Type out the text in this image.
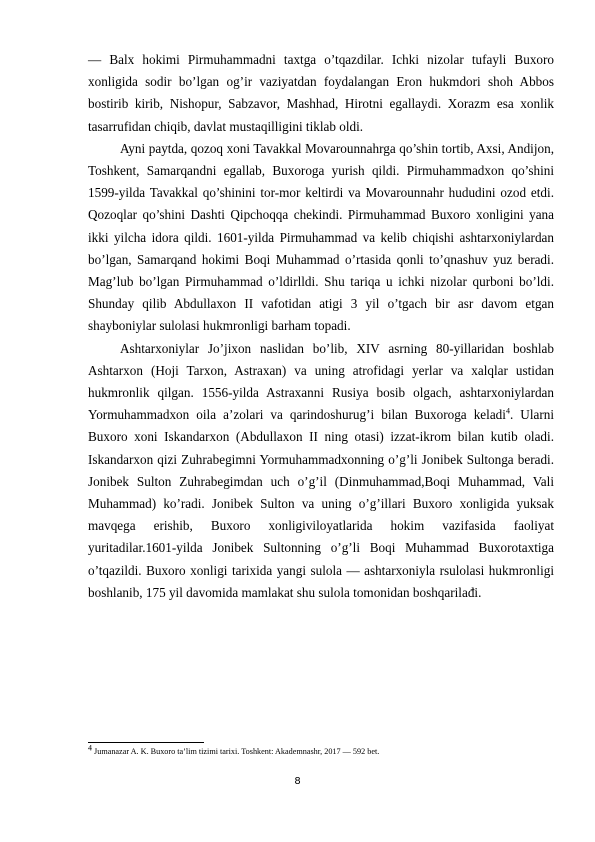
— Balx hokimi Pirmuhammadni taxtga o’tqazdilar. Ichki nizolar tufayli Buxoro xonligida sodir bo’lgan og’ir vaziyatdan foydalangan Eron hukmdori shoh Abbos bostirib kirib, Nishopur, Sabzavor, Mashhad, Hirotni egallaydi. Xorazm esa xonlik tasarrufidan chiqib, davlat mustaqilligini tiklab oldi.

Ayni paytda, qozoq xoni Tavakkal Movarounnahrga qo’shin tortib, Axsi, Andijon, Toshkent, Samarqandni egallab, Buxoroga yurish qildi. Pirmuhammadxon qo’shini 1599-yilda Tavakkal qo’shinini tor-mor keltirdi va Movarounnahr hududini ozod etdi. Qozoqlar qo’shini Dashti Qipchoqqa chekindi. Pirmuhammad Buxoro xonligini yana ikki yilcha idora qildi. 1601-yilda Pirmuhammad va kelib chiqishi ashtarxoniylardan bo’lgan, Samarqand hokimi Boqi Muhammad o’rtasida qonli to’qnashuv yuz beradi. Mag’lub bo’lgan Pirmuhammad o’ldirlldi. Shu tariqa u ichki nizolar qurboni bo’ldi. Shunday qilib Abdullaxon II vafotidan atigi 3 yil o’tgach bir asr davom etgan shayboniylar sulolasi hukmronligi barham topadi.

Ashtarxoniylar Jo’jixon naslidan bo’lib, XIV asrning 80-yillaridan boshlab Ashtarxon (Hoji Tarxon, Astraxan) va uning atrofidagi yerlar va xalqlar ustidan hukmronlik qilgan. 1556-yilda Astraxanni Rusiya bosib olgach, ashtarxoniylardan Yormuhammadxon oila a’zolari va qarindoshurug’i bilan Buxoroga keladi$^4$. Ularni Buxoro xoni Iskandarxon (Abdullaxon II ning otasi) izzat-ikrom bilan kutib oladi. Iskandarxon qizi Zuhrabegimni Yormuhammadxonning o’g’li Jonibek Sultonga beradi. Jonibek Sulton Zuhrabegimdan uch o’g’il (Dinmuhammad,Boqi Muhammad, Vali Muhammad) ko’radi. Jonibek Sulton va uning o’g’illari Buxoro xonligida yuksak mavqega erishib, Buxoro xonligiviloyatlarida hokim vazifasida faoliyat yuritadilar.1601-yilda Jonibek Sultonning o’g’li Boqi Muhammad Buxorotaxtiga o’tqazildi. Buxoro xonligi tarixida yangi sulola — ashtarxoniyla rsulolasi hukmronligi boshlanib, 175 yil davomida mamlakat shu sulola tomonidan boshqarilađi.

$^4$ Jumanazar A. K. Buxoro ta’lim tizimi tarixi. Toshkent: Akademnashr, 2017 — 592 bet.
8
